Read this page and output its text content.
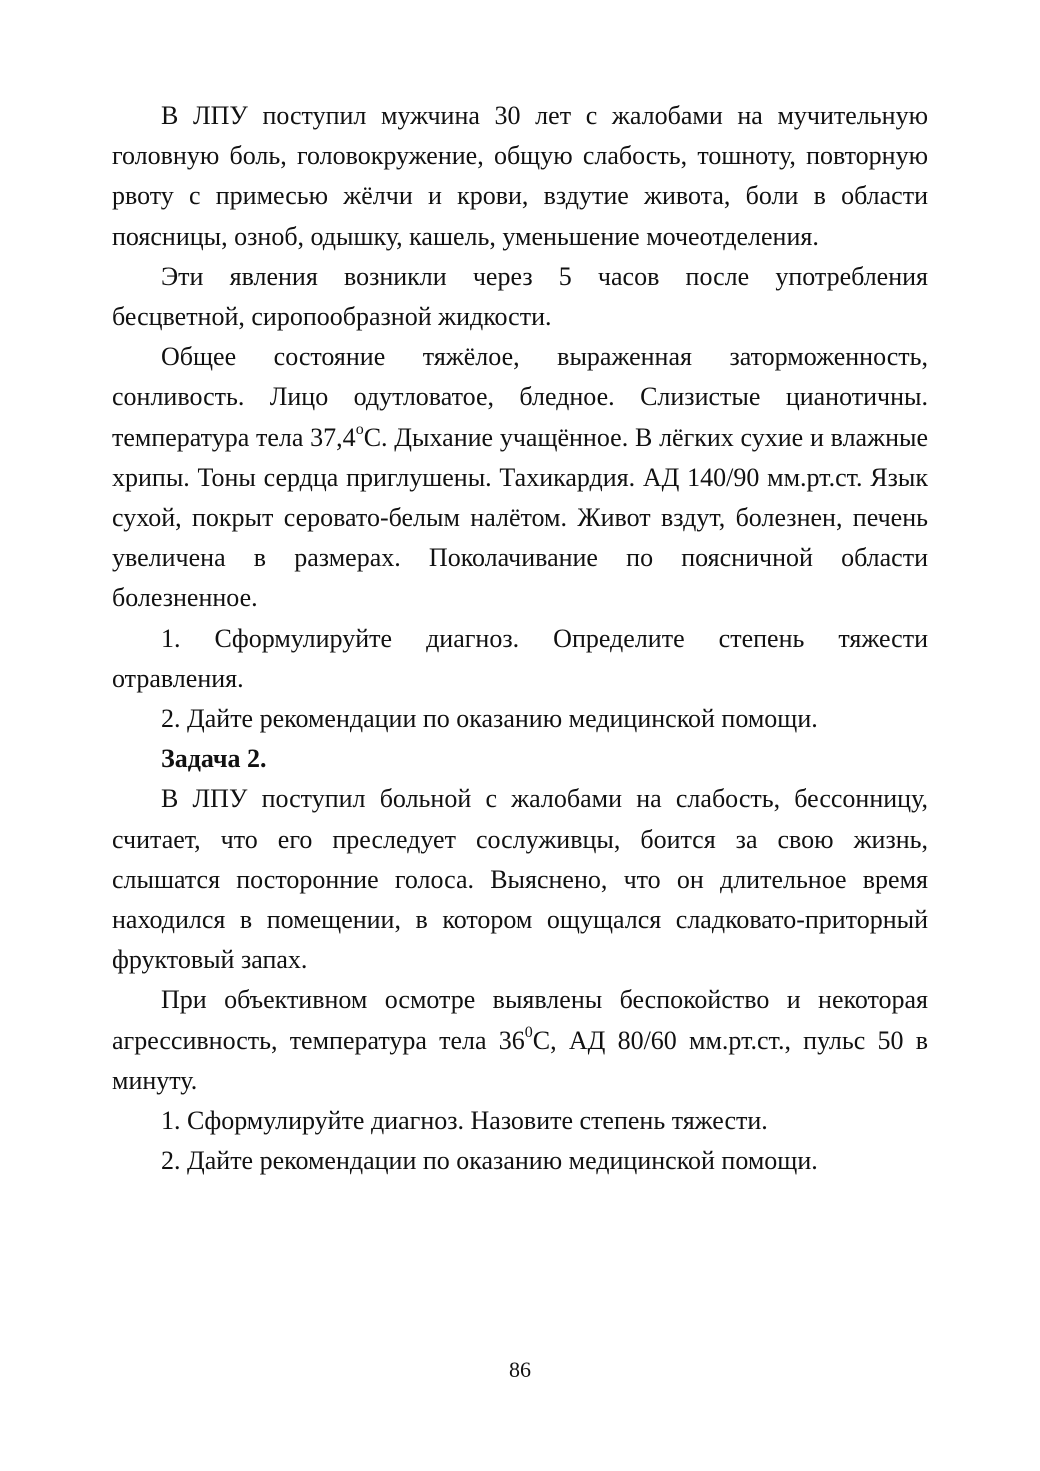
В ЛПУ поступил мужчина 30 лет с жалобами на мучительную головную боль, головокружение, общую слабость, тошноту, повторную рвоту с примесью жёлчи и крови, вздутие живота, боли в области поясницы, озноб, одышку, кашель, уменьшение мочеотделения.

Эти явления возникли через 5 часов после употребления бесцветной, сиропообразной жидкости.

Общее состояние тяжёлое, выраженная заторможенность, сонливость. Лицо одутловатое, бледное. Слизистые цианотичны. температура тела $37,4^оС$. Дыхание учащённое. В лёгких сухие и влажные хрипы. Тоны сердца приглушены. Тахикардия. АД 140/90 мм.рт.ст. Язык сухой, покрыт серовато-белым налётом. Живот вздут, болезнен, печень увеличена в размерах. Поколачивание по поясничной области болезненное.

1. Сформулируйте диагноз. Определите степень тяжести отравления.

2. Дайте рекомендации по оказанию медицинской помощи.

Задача 2.

В ЛПУ поступил больной с жалобами на слабость, бессонницу, считает, что его преследует сослуживцы, боится за свою жизнь, слышатся посторонние голоса. Выяснено, что он длительное время находился в помещении, в котором ощущался сладковато-приторный фруктовый запах.

При объективном осмотре выявлены беспокойство и некоторая агрессивность, температура тела $36^0С$, АД 80/60 мм.рт.ст., пульс 50 в минуту.

1. Сформулируйте диагноз. Назовите степень тяжести.

2. Дайте рекомендации по оказанию медицинской помощи.

86
